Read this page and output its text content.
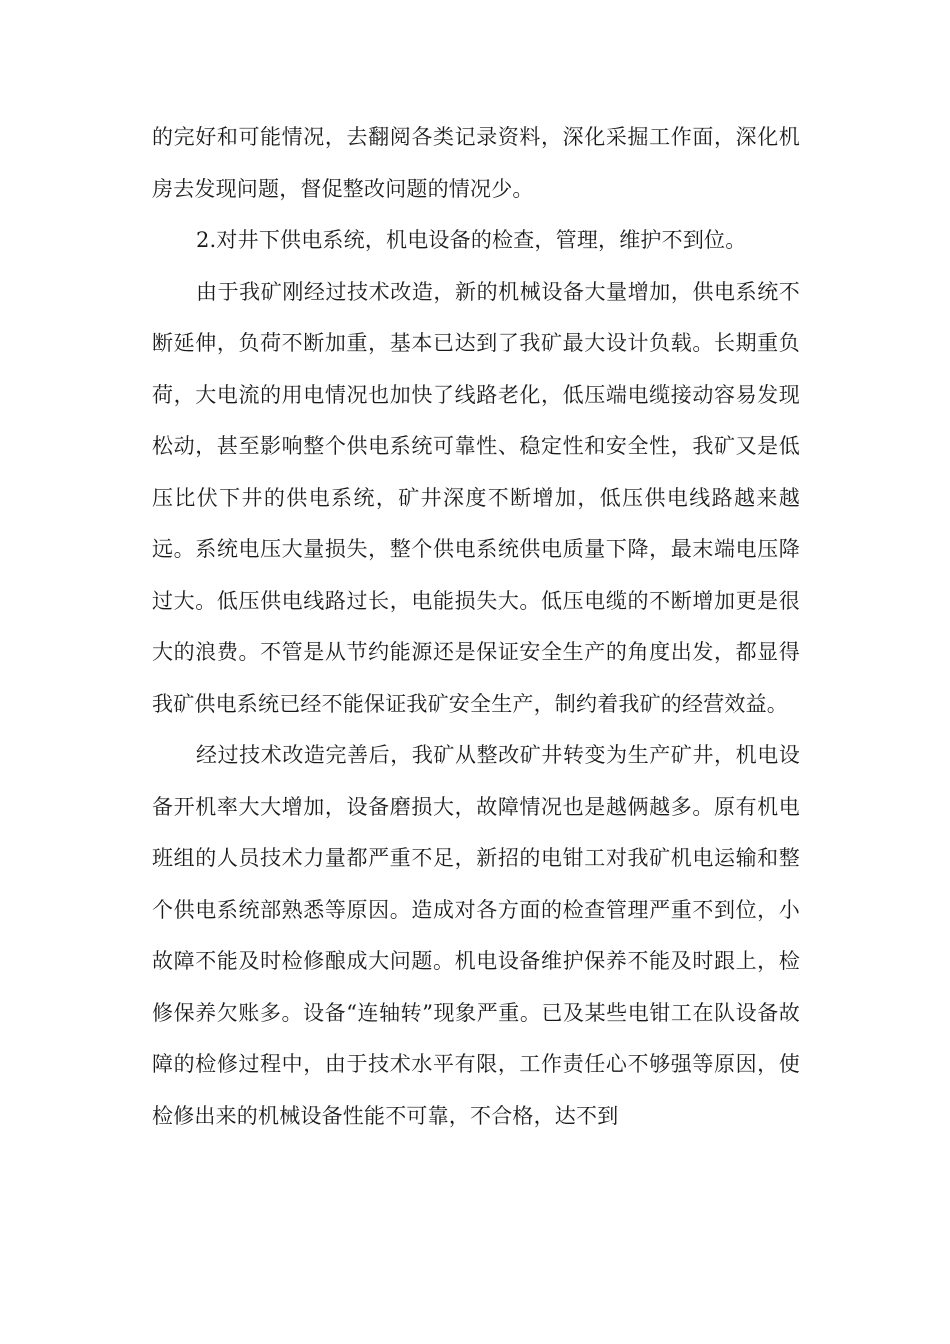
的完好和可能情况，去翻阅各类记录资料，深化采掘工作面，深化机房去发现问题，督促整改问题的情况少。

2.对井下供电系统，机电设备的检查，管理，维护不到位。

由于我矿刚经过技术改造，新的机械设备大量增加，供电系统不断延伸，负荷不断加重，基本已达到了我矿最大设计负载。长期重负荷，大电流的用电情况也加快了线路老化，低压端电缆接动容易发现松动，甚至影响整个供电系统可靠性、稳定性和安全性，我矿又是低压比伏下井的供电系统，矿井深度不断增加，低压供电线路越来越远。系统电压大量损失，整个供电系统供电质量下降，最末端电压降过大。低压供电线路过长，电能损失大。低压电缆的不断增加更是很大的浪费。不管是从节约能源还是保证安全生产的角度出发，都显得我矿供电系统已经不能保证我矿安全生产，制约着我矿的经营效益。

经过技术改造完善后，我矿从整改矿井转变为生产矿井，机电设备开机率大大增加，设备磨损大，故障情况也是越俩越多。原有机电班组的人员技术力量都严重不足，新招的电钳工对我矿机电运输和整个供电系统部熟悉等原因。造成对各方面的检查管理严重不到位，小故障不能及时检修酿成大问题。机电设备维护保养不能及时跟上，检修保养欠账多。设备“连轴转”现象严重。已及某些电钳工在队设备故障的检修过程中，由于技术水平有限，工作责任心不够强等原因，使检修出来的机械设备性能不可靠，不合格，达不到
